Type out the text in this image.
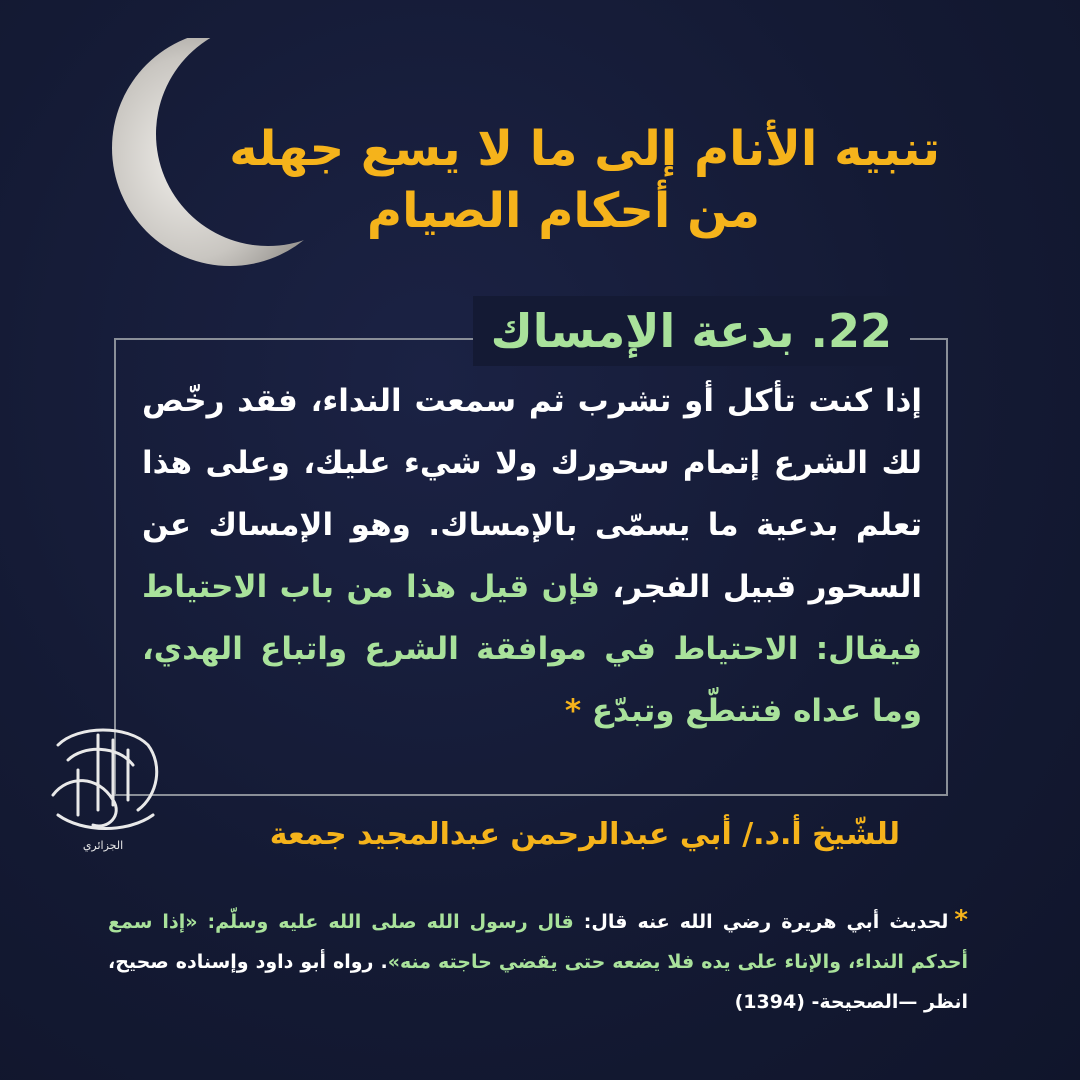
تنبيه الأنام إلى ما لا يسع جهله
من أحكام الصيام
22. بدعة الإمساك
إذا كنت تأكل أو تشرب ثم سمعت النداء، فقد رخّص لك الشرع إتمام سحورك ولا شيء عليك، وعلى هذا تعلم بدعية ما يسمّى بالإمساك. وهو الإمساك عن السحور قبيل الفجر، فإن قيل هذا من باب الاحتياط فيقال: الاحتياط في موافقة الشرع واتباع الهدي، وما عداه فتنطّع وتبدّع *
الجزائري	للشّيخ أ.د./ أبي عبدالرحمن عبدالمجيد جمعة
*لحديث أبي هريرة رضي الله عنه قال: قال رسول الله صلى الله عليه وسلّم: «إذا سمع أحدكم النداء، والإناء على يده فلا يضعه حتى يقضي حاجته منه». رواه أبو داود وإسناده صحيح، انظر —الصحيحة- (1394)
